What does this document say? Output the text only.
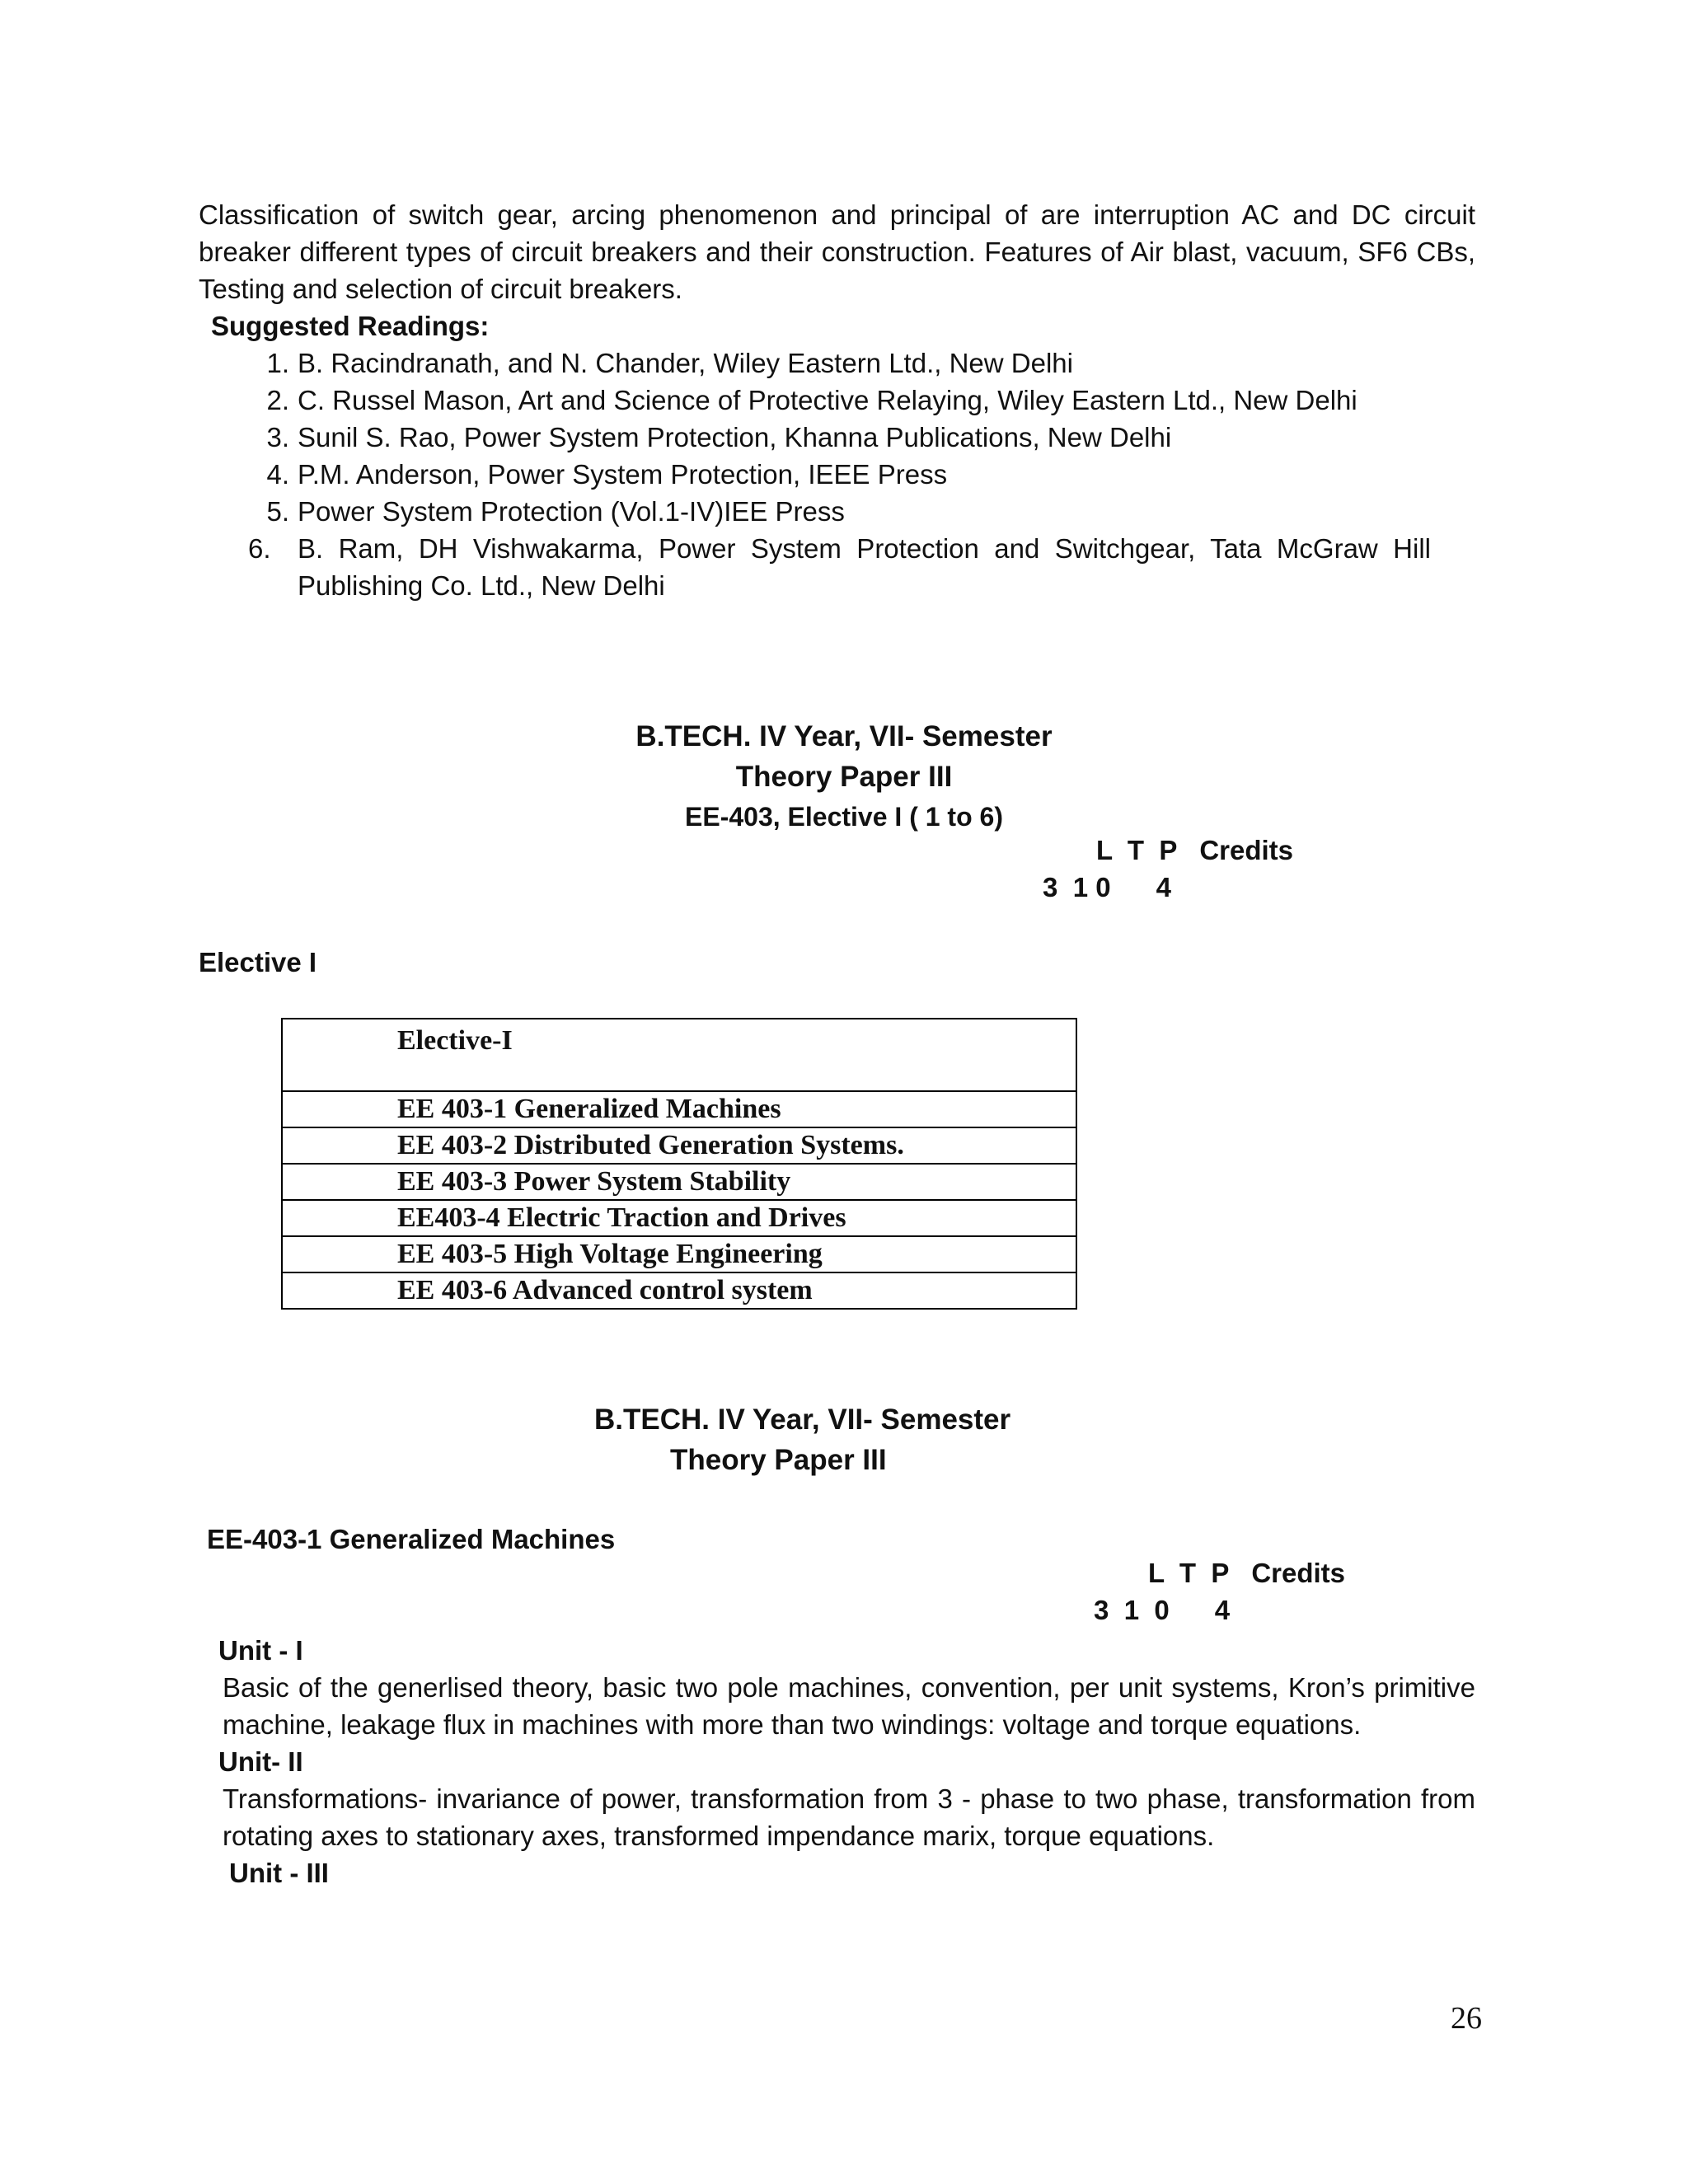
Classification of switch gear, arcing phenomenon and principal of are interruption AC and DC circuit breaker different types of circuit breakers and their construction. Features of Air blast, vacuum, SF6 CBs, Testing and selection of circuit breakers.
Suggested Readings:
1. B. Racindranath, and N. Chander, Wiley Eastern Ltd., New Delhi
2. C. Russel Mason, Art and Science of Protective Relaying, Wiley Eastern Ltd., New Delhi
3. Sunil S. Rao, Power System Protection, Khanna Publications, New Delhi
4. P.M. Anderson, Power System Protection, IEEE Press
5. Power System Protection (Vol.1-IV)IEE Press
6. B. Ram, DH Vishwakarma, Power System Protection and Switchgear, Tata McGraw Hill Publishing Co. Ltd., New Delhi
B.TECH. IV Year, VII- Semester
Theory Paper III
EE-403, Elective I ( 1 to 6)
L  T  P   Credits
3  1 0      4
Elective I
Elective-I
EE 403-1 Generalized Machines
EE 403-2 Distributed Generation Systems.
EE 403-3 Power System Stability
EE403-4 Electric Traction and Drives
EE 403-5 High Voltage Engineering
EE 403-6 Advanced control system
B.TECH. IV Year, VII- Semester
Theory Paper III
EE-403-1 Generalized Machines
L  T  P   Credits
3  1  0      4
Unit - I
Basic of the generlised theory, basic two pole machines, convention, per unit systems, Kron’s primitive machine, leakage flux in machines with more than two windings: voltage and torque equations.
Unit- II
Transformations- invariance of power, transformation from 3 - phase to two phase, transformation from rotating axes to stationary axes, transformed impendance marix, torque equations.
Unit - III
26
